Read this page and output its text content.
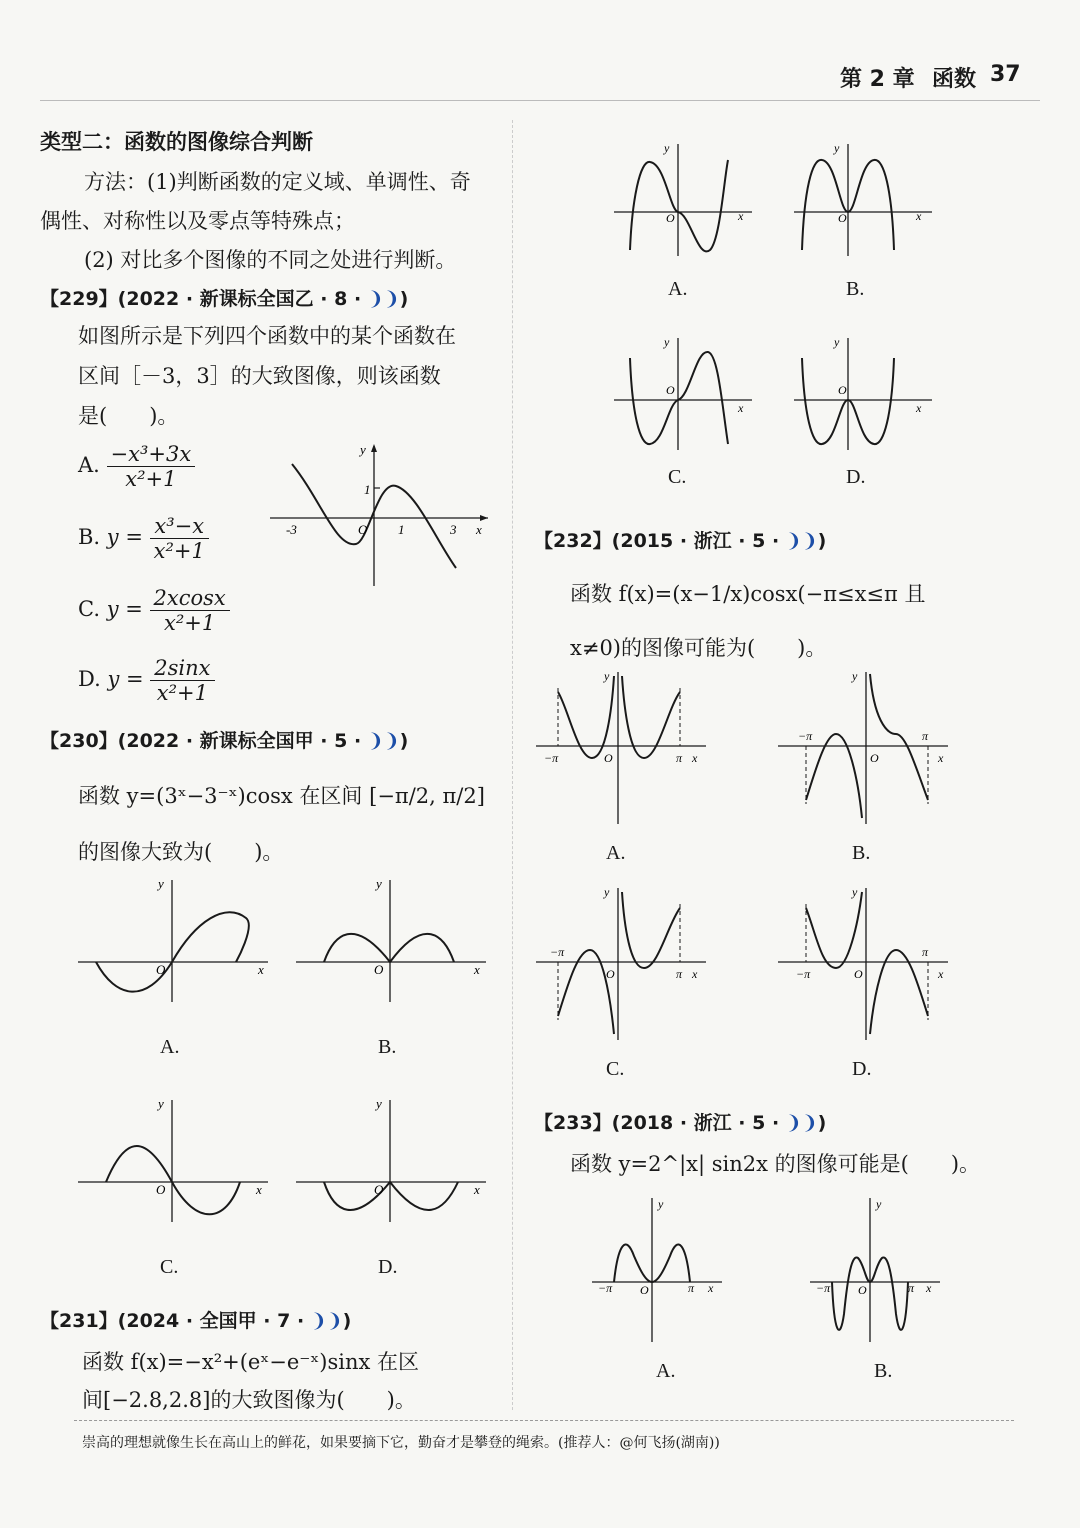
第 2 章 函数 37
类型二：函数的图像综合判断
方法：(1)判断函数的定义域、单调性、奇
偶性、对称性以及零点等特殊点；
(2) 对比多个图像的不同之处进行判断。
【229】(2022 · 新课标全国乙 · 8 · ❩❩)
如图所示是下列四个函数中的某个函数在
区间［－3，3］的大致图像，则该函数
是(　　)。
A. $\frac{\text{−x³+3x}}{\text{x²+1}}$
B. $y = \frac{\text{x³−x}}{\text{x²+1}}$
C. $y = \frac{2xcosx}{\text{x²+1}}$
D. $y = \frac{2\sin x}{\text{x²+1}}$
1
-3	1	3
O	x
y
【230】(2022 · 新课标全国甲 · 5 · ❩❩)
函数 y=(3ˣ−3⁻ˣ)cosx 在区间 [−π/2, π/2]
的图像大致为(　　)。
y
x
O
A.
y
x
O
B.
y
x
O
C.
y
x
O
D.
【231】(2024 · 全国甲 · 7 · ❩❩)
函数 f(x)=−x²+(eˣ−e⁻ˣ)sinx 在区
间[−2.8,2.8]的大致图像为(　　)。
y
x
O
A.
y
x
O
B.
y
x
O
C.
y
x
O
D.
【232】(2015 · 浙江 · 5 · ❩❩)
函数 f(x)=(x−1/x)cosx(−π≤x≤π 且
x≠0)的图像可能为(　　)。
y
−π	π x
O
A.
y
−π	π
x
O
B.
y
−π
π x
O
C.
y
−π
π
x
O
D.
【233】(2018 · 浙江 · 5 · ❩❩)
函数 y=2^|x| sin2x 的图像可能是(　　)。
y
−π	π x
O
A.
y
−π	π x
O
B.
崇高的理想就像生长在高山上的鲜花，如果要摘下它，勤奋才是攀登的绳索。(推荐人：@何飞扬(湖南))
